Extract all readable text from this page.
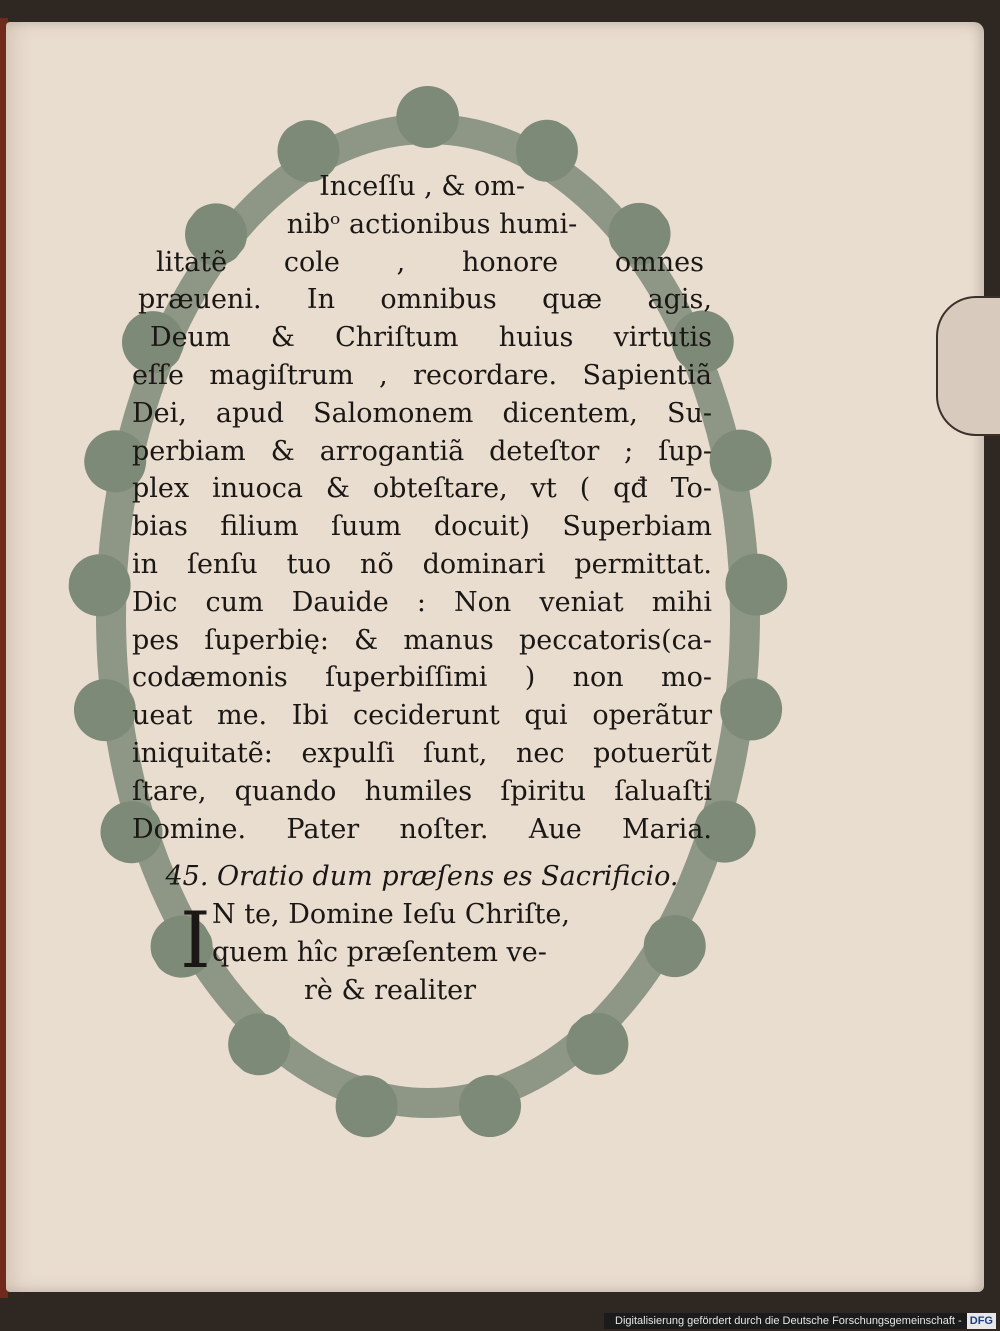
Inceſſu , & om-
nibᵒ actionibus humi-
litatẽ cole , honore omnes
præueni. In omnibus quæ agis,
Deum & Chriſtum huius virtutis
eſſe magiſtrum , recordare. Sapientiã
Dei, apud Salomonem dicentem, Su-
perbiam & arrogantiã deteſtor ; ſup-
plex inuoca & obteſtare, vt ( qđ To-
bias filium ſuum docuit) Superbiam
in ſenſu tuo nõ dominari permittat.
Dic cum Dauide : Non veniat mihi
pes ſuperbię: & manus peccatoris(ca-
codæmonis ſuperbiſſimi ) non mo-
ueat me. Ibi ceciderunt qui operãtur
iniquitatẽ: expulſi ſunt, nec potuerũt
ſtare, quando humiles ſpiritu ſaluaſti
Domine. Pater noſter. Aue Maria.
45. Oratio dum præſens es Sacrificio.
I N te, Domine Ieſu Chriſte,
quem hîc præſentem ve-
rè & realiter
Digitalisierung gefördert durch die Deutsche Forschungsgemeinschaft - DFG
